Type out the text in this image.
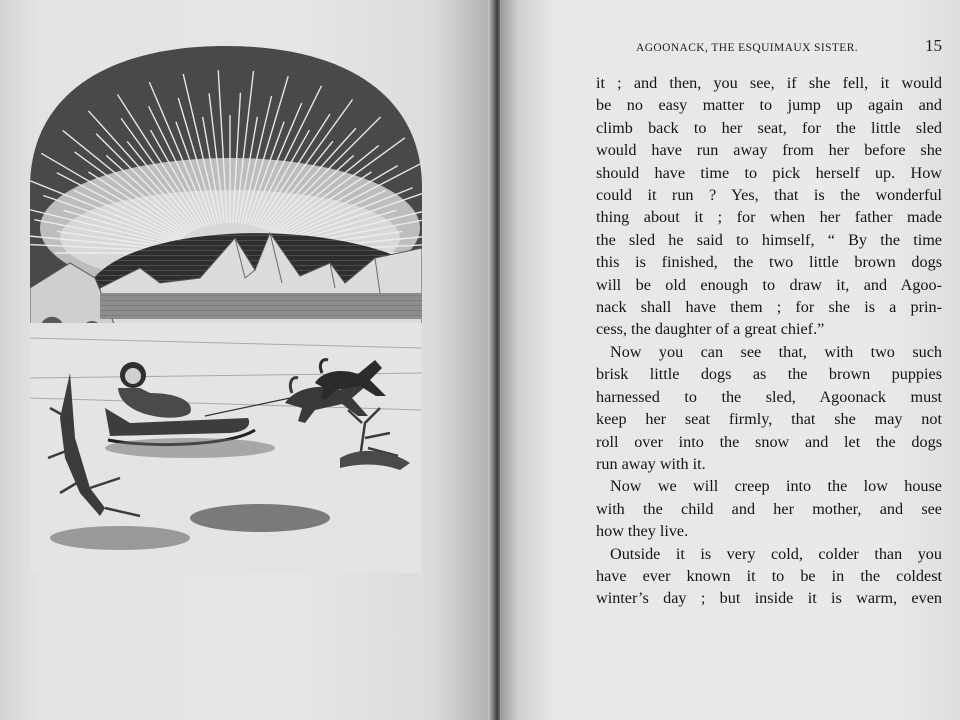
AGOONACK, THE ESQUIMAUX SISTER.	15
it ; and then, you see, if she fell, it would
be no easy matter to jump up again and
climb back to her seat, for the little sled
would have run away from her before she
should have time to pick herself up. How
could it run ? Yes, that is the wonderful
thing about it ; for when her father made
the sled he said to himself, “ By the time
this is finished, the two little brown dogs
will be old enough to draw it, and Agoo-
nack shall have them ; for she is a prin-
cess, the daughter of a great chief.”
Now you can see that, with two such
brisk little dogs as the brown puppies
harnessed to the sled, Agoonack must
keep her seat firmly, that she may not
roll over into the snow and let the dogs
run away with it.
Now we will creep into the low house
with the child and her mother, and see
how they live.
Outside it is very cold, colder than you
have ever known it to be in the coldest
winter’s day ; but inside it is warm, even
